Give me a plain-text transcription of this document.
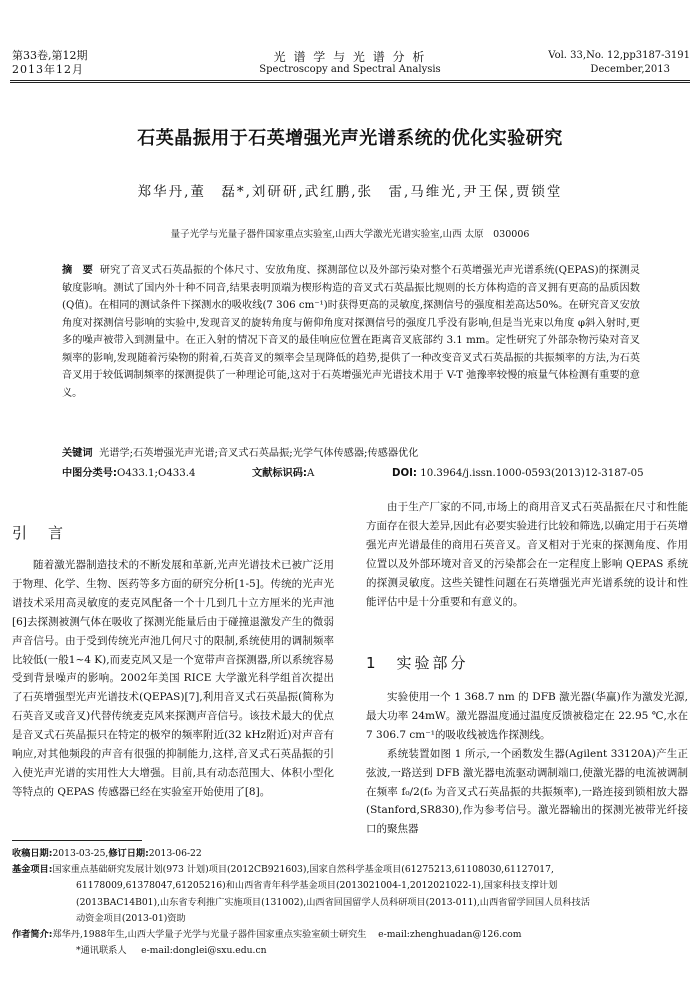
第33卷,第12期
2013年12月
光 谱 学 与 光 谱 分 析
Spectroscopy and Spectral Analysis
Vol. 33,No. 12,pp3187-3191
December,2013
石英晶振用于石英增强光声光谱系统的优化实验研究
郑华丹,董　磊*,刘研研,武红鹏,张　雷,马维光,尹王保,贾锁堂
量子光学与光量子器件国家重点实验室,山西大学激光光谱实验室,山西 太原　030006
摘　要 研究了音叉式石英晶振的个体尺寸、安放角度、探测部位以及外部污染对整个石英增强光声光谱系统(QEPAS)的探测灵敏度影响。测试了国内外十种不同音,结果表明顶端为楔形构造的音叉式石英晶振比规则的长方体构造的音叉拥有更高的品质因数(Q值)。在相同的测试条件下探测水的吸收线(7 306 cm⁻¹)时获得更高的灵敏度,探测信号的强度相差高达50%。在研究音叉安放角度对探测信号影响的实验中,发现音叉的旋转角度与俯仰角度对探测信号的强度几乎没有影响,但是当光束以角度 φ斜入射时,更多的噪声被带入到测量中。在正入射的情况下音叉的最佳响应位置在距离音叉底部约 3.1 mm。定性研究了外部杂物污染对音叉频率的影响,发现随着污染物的附着,石英音叉的频率会呈现降低的趋势,提供了一种改变音叉式石英晶振的共振频率的方法,为石英音叉用于较低调制频率的探测提供了一种理论可能,这对于石英增强光声光谱技术用于 V-T 弛豫率较慢的痕量气体检测有重要的意义。
关键词 光谱学;石英增强光声光谱;音叉式石英晶振;光学气体传感器;传感器优化
中图分类号:O433.1;O433.4	文献标识码:A	DOI: 10.3964/j.issn.1000-0593(2013)12-3187-05
引　言

随着激光器制造技术的不断发展和革新,光声光谱技术已被广泛用于物理、化学、生物、医药等多方面的研究分析[1-5]。传统的光声光谱技术采用高灵敏度的麦克风配备一个十几到几十立方厘米的光声池[6]去探测被测气体在吸收了探测光能量后由于碰撞退激发产生的微弱声音信号。由于受到传统光声池几何尺寸的限制,系统使用的调制频率比较低(一般1~4 K),而麦克风又是一个宽带声音探测器,所以系统容易受到背景噪声的影响。2002年美国 RICE 大学激光科学组首次提出了石英增强型光声光谱技术(QEPAS)[7],利用音叉式石英晶振(简称为石英音叉或音叉)代替传统麦克风来探测声音信号。该技术最大的优点是音叉式石英晶振只在特定的极窄的频率附近(32 kHz附近)对声音有响应,对其他频段的声音有很强的抑制能力,这样,音叉式石英晶振的引入使光声光谱的实用性大大增强。目前,具有动态范围大、体积小型化等特点的 QEPAS 传感器已经在实验室开始使用了[8]。

由于生产厂家的不同,市场上的商用音叉式石英晶振在尺寸和性能方面存在很大差异,因此有必要实验进行比较和筛选,以确定用于石英增强光声光谱最佳的商用石英音叉。音叉相对于光束的探测角度、作用位置以及外部环境对音叉的污染都会在一定程度上影响 QEPAS 系统的探测灵敏度。这些关键性问题在石英增强光声光谱系统的设计和性能评估中是十分重要和有意义的。

1　实验部分

实验使用一个 1 368.7 nm 的 DFB 激光器(华赢)作为激发光源,最大功率 24mW。激光器温度通过温度反馈被稳定在 22.95 ℃,水在 7 306.7 cm⁻¹的吸收线被选作探测线。

系统装置如图 1 所示,一个函数发生器(Agilent 33120A)产生正弦波,一路送到 DFB 激光器电流驱动调制端口,使激光器的电流被调制在频率 f₀/2(f₀ 为音叉式石英晶振的共振频率),一路连接到锁相放大器(Stanford,SR830),作为参考信号。激光器输出的探测光被带光纤接口的聚焦器

收稿日期:2013-03-25,修订日期:2013-06-22
基金项目:国家重点基础研究发展计划(973 计划)项目(2012CB921603),国家自然科学基金项目(61275213,61108030,61127017,
61178009,61378047,61205216)和山西省青年科学基金项目(2013021004-1,2012021022-1),国家科技支撑计划
(2013BAC14B01),山东省专利推广实施项目(131002),山西省回国留学人员科研项目(2013-011),山西省留学回国人员科技活
动资金项目(2013-01)资助
作者简介:郑华丹,1988年生,山西大学量子光学与光量子器件国家重点实验室硕士研究生 e-mail:zhenghuadan@126.com
*通讯联系人 e-mail:donglei@sxu.edu.cn
